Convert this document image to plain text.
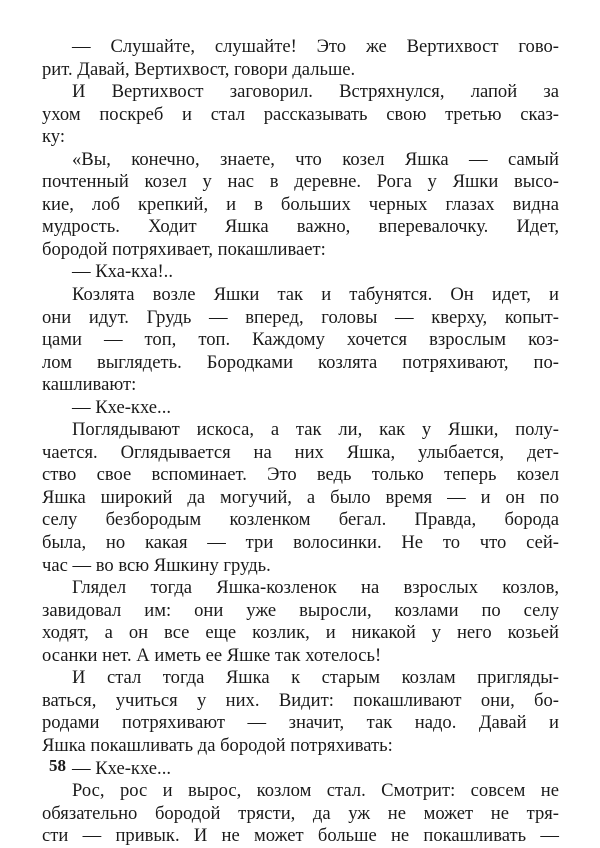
— Слушайте, слушайте! Это же Вертихвост гово-
рит. Давай, Вертихвост, говори дальше.
И Вертихвост заговорил. Встряхнулся, лапой за
ухом поскреб и стал рассказывать свою третью сказ-
ку:
«Вы, конечно, знаете, что козел Яшка — самый
почтенный козел у нас в деревне. Рога у Яшки высо-
кие, лоб крепкий, и в больших черных глазах видна
мудрость. Ходит Яшка важно, вперевалочку. Идет,
бородой потряхивает, покашливает:
— Кха-кха!..
Козлята возле Яшки так и табунятся. Он идет, и
они идут. Грудь — вперед, головы — кверху, копыт-
цами — топ, топ. Каждому хочется взрослым коз-
лом выглядеть. Бородками козлята потряхивают, по-
кашливают:
— Кхе-кхе...
Поглядывают искоса, а так ли, как у Яшки, полу-
чается. Оглядывается на них Яшка, улыбается, дет-
ство свое вспоминает. Это ведь только теперь козел
Яшка широкий да могучий, а было время — и он по
селу безбородым козленком бегал. Правда, борода
была, но какая — три волосинки. Не то что сей-
час — во всю Яшкину грудь.
Глядел тогда Яшка-козленок на взрослых козлов,
завидовал им: они уже выросли, козлами по селу
ходят, а он все еще козлик, и никакой у него козьей
осанки нет. А иметь ее Яшке так хотелось!
И стал тогда Яшка к старым козлам пригляды-
ваться, учиться у них. Видит: покашливают они, бо-
родами потряхивают — значит, так надо. Давай и
Яшка покашливать да бородой потряхивать:
— Кхе-кхе...
Рос, рос и вырос, козлом стал. Смотрит: совсем не
обязательно бородой трясти, да уж не может не тря-
сти — привык. И не может больше не покашливать —
58
